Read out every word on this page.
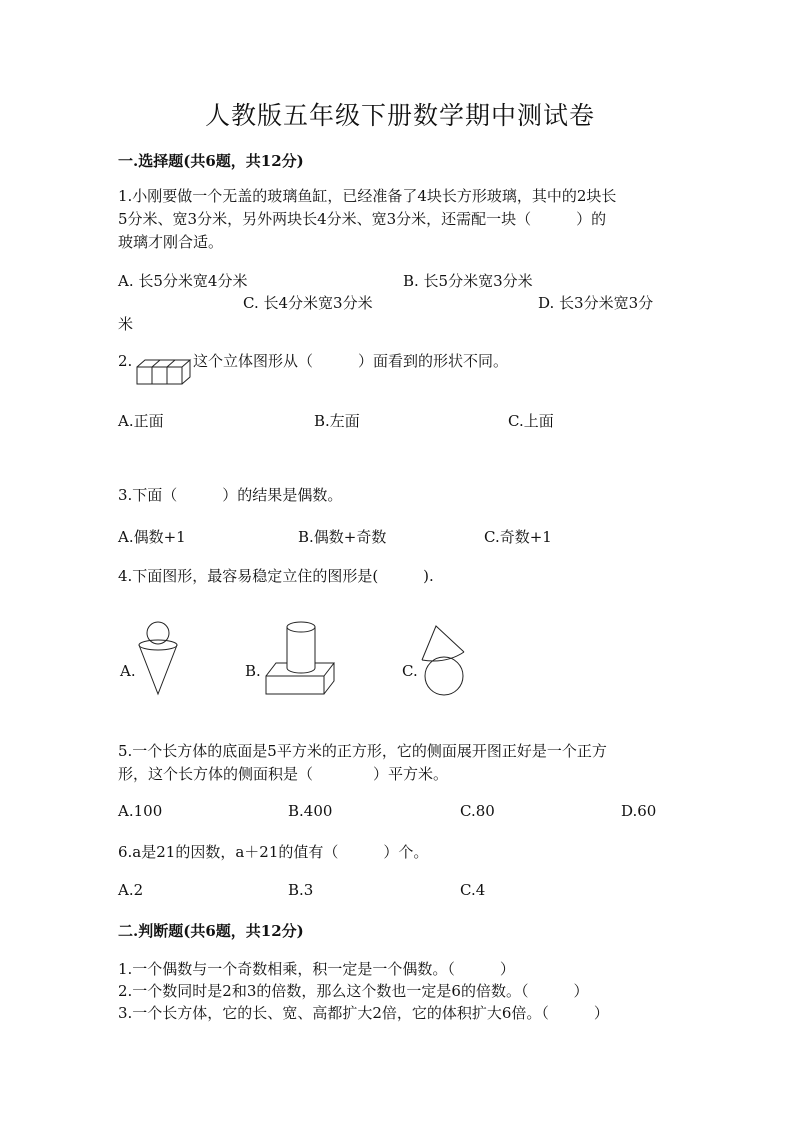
人教版五年级下册数学期中测试卷
一.选择题(共6题，共12分)
1.小刚要做一个无盖的玻璃鱼缸，已经准备了4块长方形玻璃，其中的2块长
5分米、宽3分米，另外两块长4分米、宽3分米，还需配一块（　　　）的
玻璃才刚合适。
A. 长5分米宽4分米	B. 长5分米宽3分米
C. 长4分米宽3分米	D. 长3分米宽3分
米
2.	这个立体图形从（　　　）面看到的形状不同。
A.正面	B.左面	C.上面
3.下面（　　　）的结果是偶数。
A.偶数+1	B.偶数+奇数	C.奇数+1
4.下面图形，最容易稳定立住的图形是(　　　).
A.	B.	C.
5.一个长方体的底面是5平方米的正方形，它的侧面展开图正好是一个正方
形，这个长方体的侧面积是（　　　　）平方米。
A.100	B.400	C.80	D.60
6.a是21的因数，a＋21的值有（　　　）个。
A.2	B.3	C.4
二.判断题(共6题，共12分)
1.一个偶数与一个奇数相乘，积一定是一个偶数。（　　　）
2.一个数同时是2和3的倍数，那么这个数也一定是6的倍数。（　　　）
3.一个长方体，它的长、宽、高都扩大2倍，它的体积扩大6倍。（　　　）
